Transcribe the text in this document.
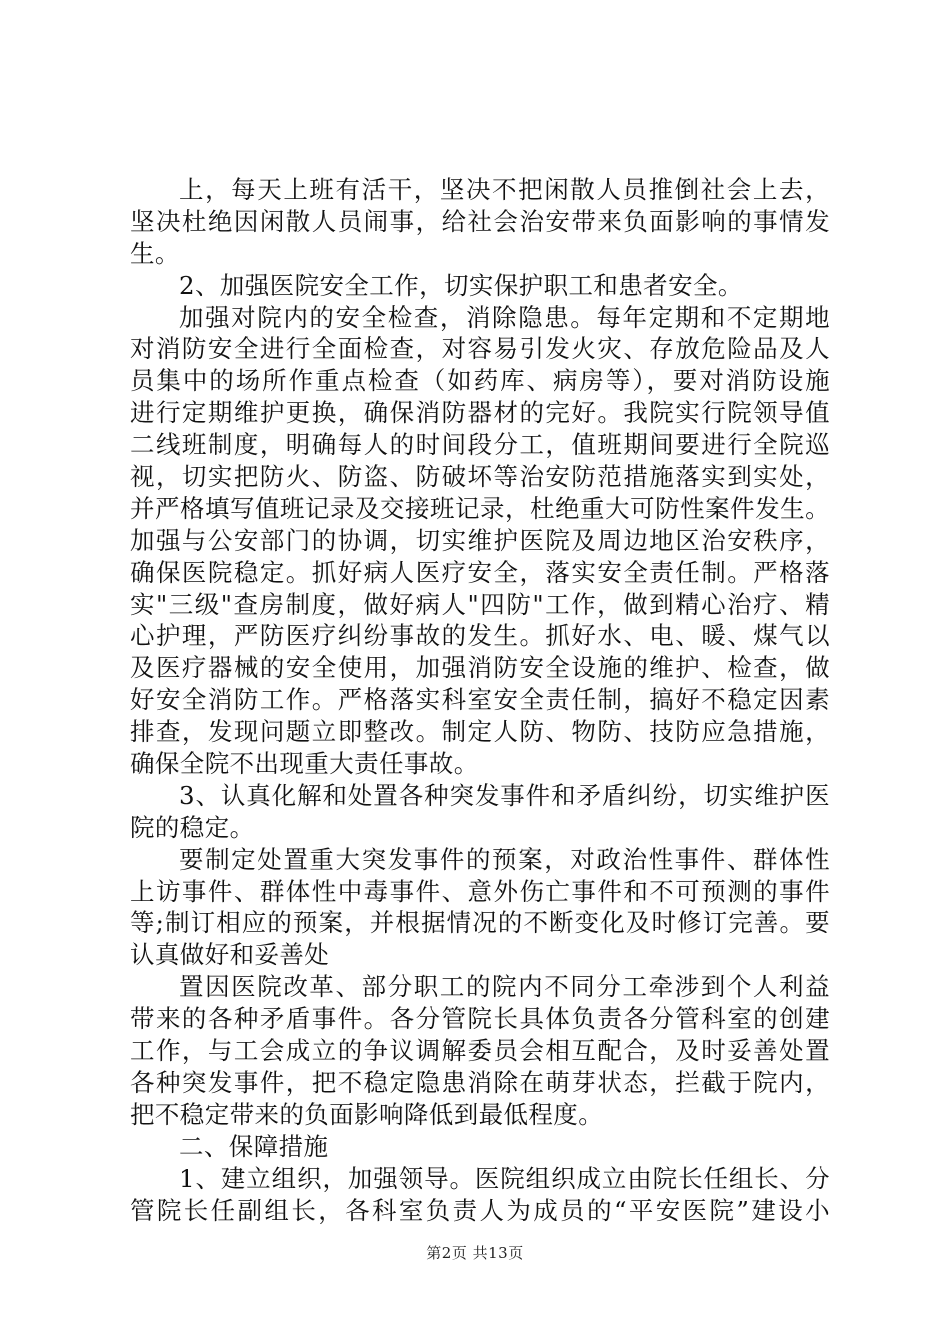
上，每天上班有活干，坚决不把闲散人员推倒社会上去，
坚决杜绝因闲散人员闹事，给社会治安带来负面影响的事情发
生。
2、加强医院安全工作，切实保护职工和患者安全。
加强对院内的安全检查，消除隐患。每年定期和不定期地
对消防安全进行全面检查，对容易引发火灾、存放危险品及人
员集中的场所作重点检查（如药库、病房等），要对消防设施
进行定期维护更换，确保消防器材的完好。我院实行院领导值
二线班制度，明确每人的时间段分工，值班期间要进行全院巡
视，切实把防火、防盗、防破坏等治安防范措施落实到实处，
并严格填写值班记录及交接班记录，杜绝重大可防性案件发生。
加强与公安部门的协调，切实维护医院及周边地区治安秩序，
确保医院稳定。抓好病人医疗安全，落实安全责任制。严格落
实"三级"查房制度，做好病人"四防"工作，做到精心治疗、精
心护理，严防医疗纠纷事故的发生。抓好水、电、暖、煤气以
及医疗器械的安全使用，加强消防安全设施的维护、检查，做
好安全消防工作。严格落实科室安全责任制，搞好不稳定因素
排查，发现问题立即整改。制定人防、物防、技防应急措施，
确保全院不出现重大责任事故。
3、认真化解和处置各种突发事件和矛盾纠纷，切实维护医
院的稳定。
要制定处置重大突发事件的预案，对政治性事件、群体性
上访事件、群体性中毒事件、意外伤亡事件和不可预测的事件
等;制订相应的预案，并根据情况的不断变化及时修订完善。要
认真做好和妥善处
置因医院改革、部分职工的院内不同分工牵涉到个人利益
带来的各种矛盾事件。各分管院长具体负责各分管科室的创建
工作，与工会成立的争议调解委员会相互配合，及时妥善处置
各种突发事件，把不稳定隐患消除在萌芽状态，拦截于院内，
把不稳定带来的负面影响降低到最低程度。
二、保障措施
1、建立组织，加强领导。医院组织成立由院长任组长、分
管院长任副组长，各科室负责人为成员的“平安医院”建设小
第2页 共13页
